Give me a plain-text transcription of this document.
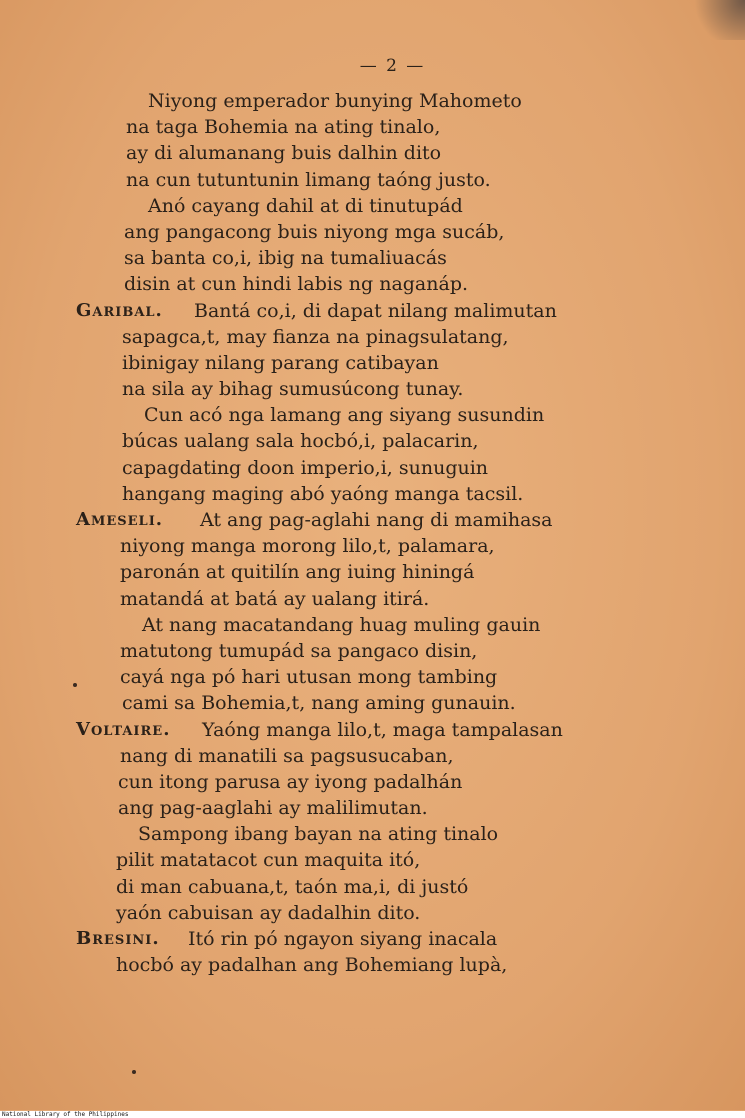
— 2 —
Niyong emperador bunying Mahometo
na taga Bohemia na ating tinalo,
ay di alumanang buis dalhin dito
na cun tutuntunin limang taóng justo.
Anó cayang dahil at di tinutupád
ang pangacong buis niyong mga sucáb,
sa banta co,i, ibig na tumaliuacás
disin at cun hindi labis ng naganáp.
Garibal. Bantá co,i, di dapat nilang malimutan
sapagca,t, may fianza na pinagsulatang,
ibinigay nilang parang catibayan
na sila ay bihag sumusúcong tunay.
Cun acó nga lamang ang siyang susundin
búcas ualang sala hocbó,i, palacarin,
capagdating doon imperio,i, sunuguin
hangang maging abó yaóng manga tacsil.
Ameseli. At ang pag-aglahi nang di mamihasa
niyong manga morong lilo,t, palamara,
paronán at quitilín ang iuing hiningá
matandá at batá ay ualang itirá.
At nang macatandang huag muling gauin
matutong tumupád sa pangaco disin,
cayá nga pó hari utusan mong tambing
cami sa Bohemia,t, nang aming gunauin.
Voltaire. Yaóng manga lilo,t, maga tampalasan
nang di manatili sa pagsusucaban,
cun itong parusa ay iyong padalhán
ang pag-aaglahi ay malilimutan.
Sampong ibang bayan na ating tinalo
pilit matatacot cun maquita itó,
di man cabuana,t, taón ma,i, di justó
yaón cabuisan ay dadalhin dito.
Bresini. Itó rin pó ngayon siyang inacala
hocbó ay padalhan ang Bohemiang lupà,
National Library of the Philippines
